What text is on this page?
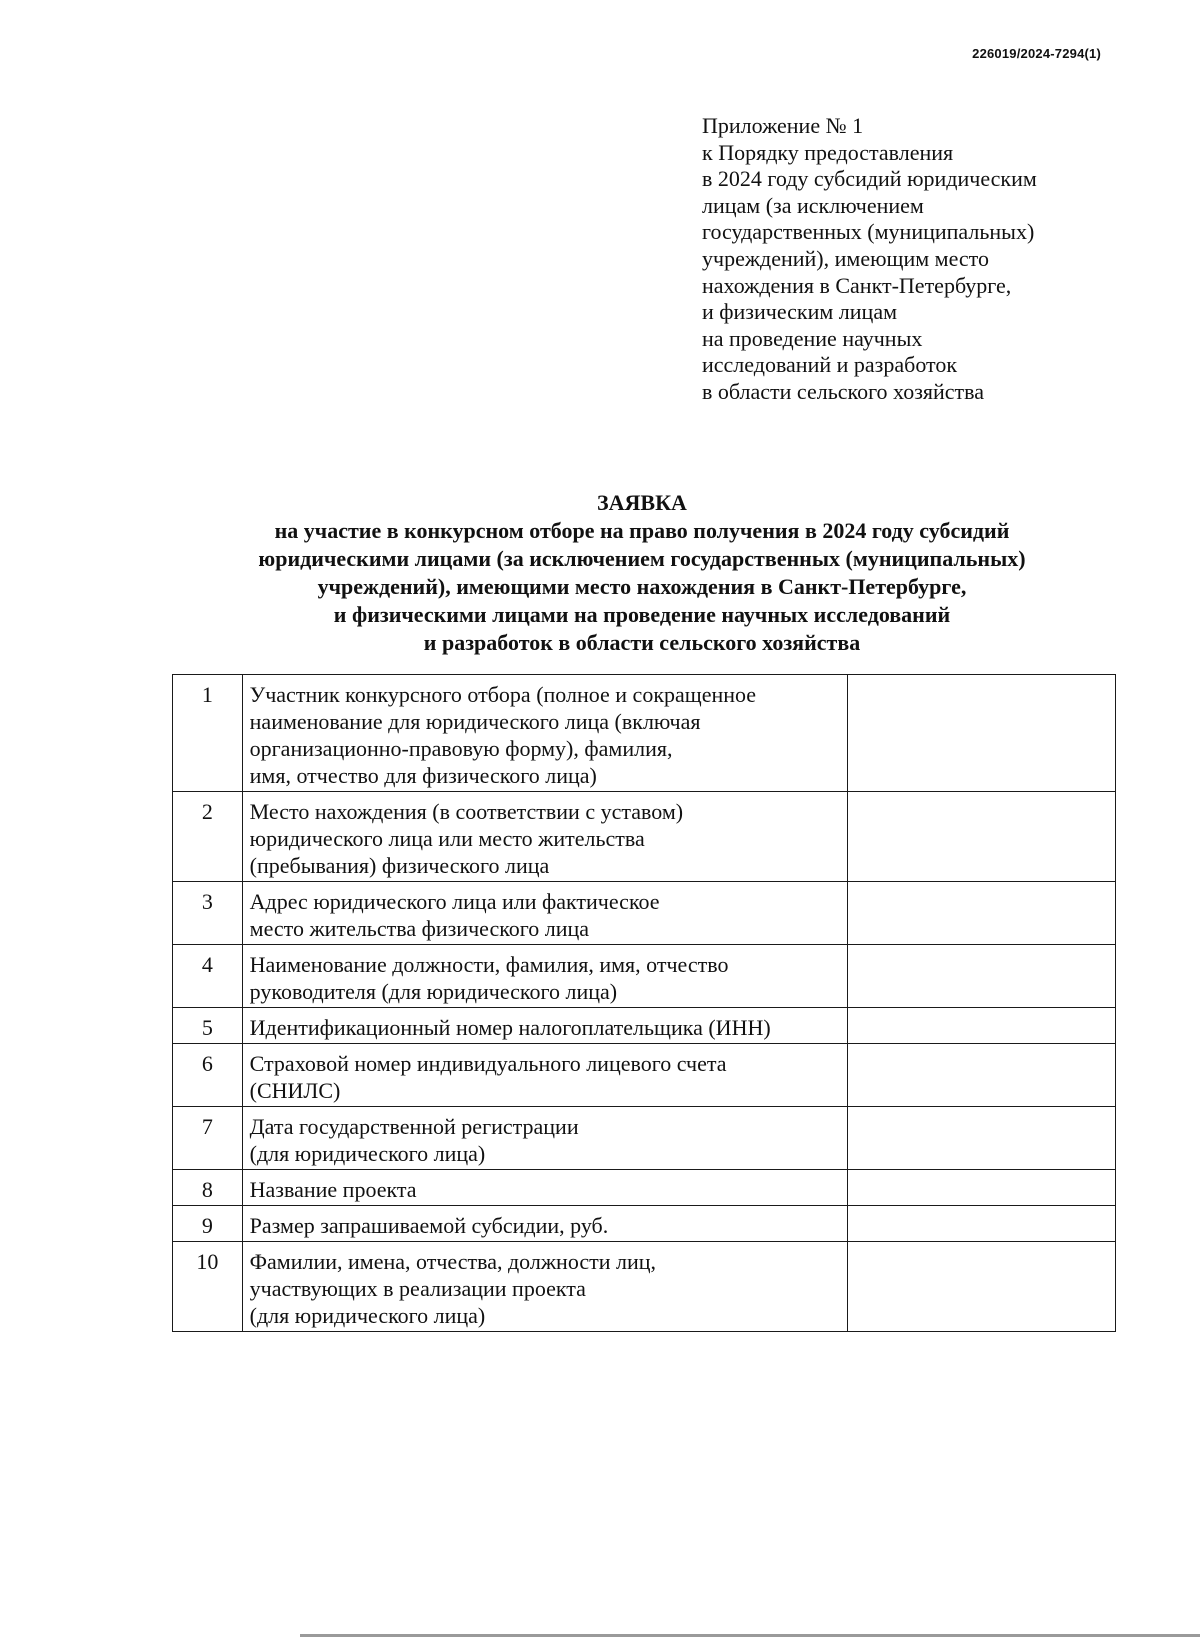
226019/2024-7294(1)
Приложение № 1
к Порядку предоставления
в 2024 году субсидий юридическим
лицам (за исключением
государственных (муниципальных)
учреждений), имеющим место
нахождения в Санкт-Петербурге,
и физическим лицам
на проведение научных
исследований и разработок
в области сельского хозяйства
ЗАЯВКА
на участие в конкурсном отборе на право получения в 2024 году субсидий
юридическими лицами (за исключением государственных (муниципальных)
учреждений), имеющими место нахождения в Санкт-Петербурге,
и физическими лицами на проведение научных исследований
и разработок в области сельского хозяйства
1	Участник конкурсного отбора (полное и сокращенное
наименование для юридического лица (включая
организационно-правовую форму), фамилия,
имя, отчество для физического лица)	

2	Место нахождения (в соответствии с уставом)
юридического лица или место жительства
(пребывания) физического лица	

3	Адрес юридического лица или фактическое
место жительства физического лица	

4	Наименование должности, фамилия, имя, отчество
руководителя (для юридического лица)	

5	Идентификационный номер налогоплательщика (ИНН)	

6	Страховой номер индивидуального лицевого счета
(СНИЛС)	

7	Дата государственной регистрации
(для юридического лица)	

8	Название проекта	

9	Размер запрашиваемой субсидии, руб.	

10	Фамилии, имена, отчества, должности лиц,
участвующих в реализации проекта
(для юридического лица)	
